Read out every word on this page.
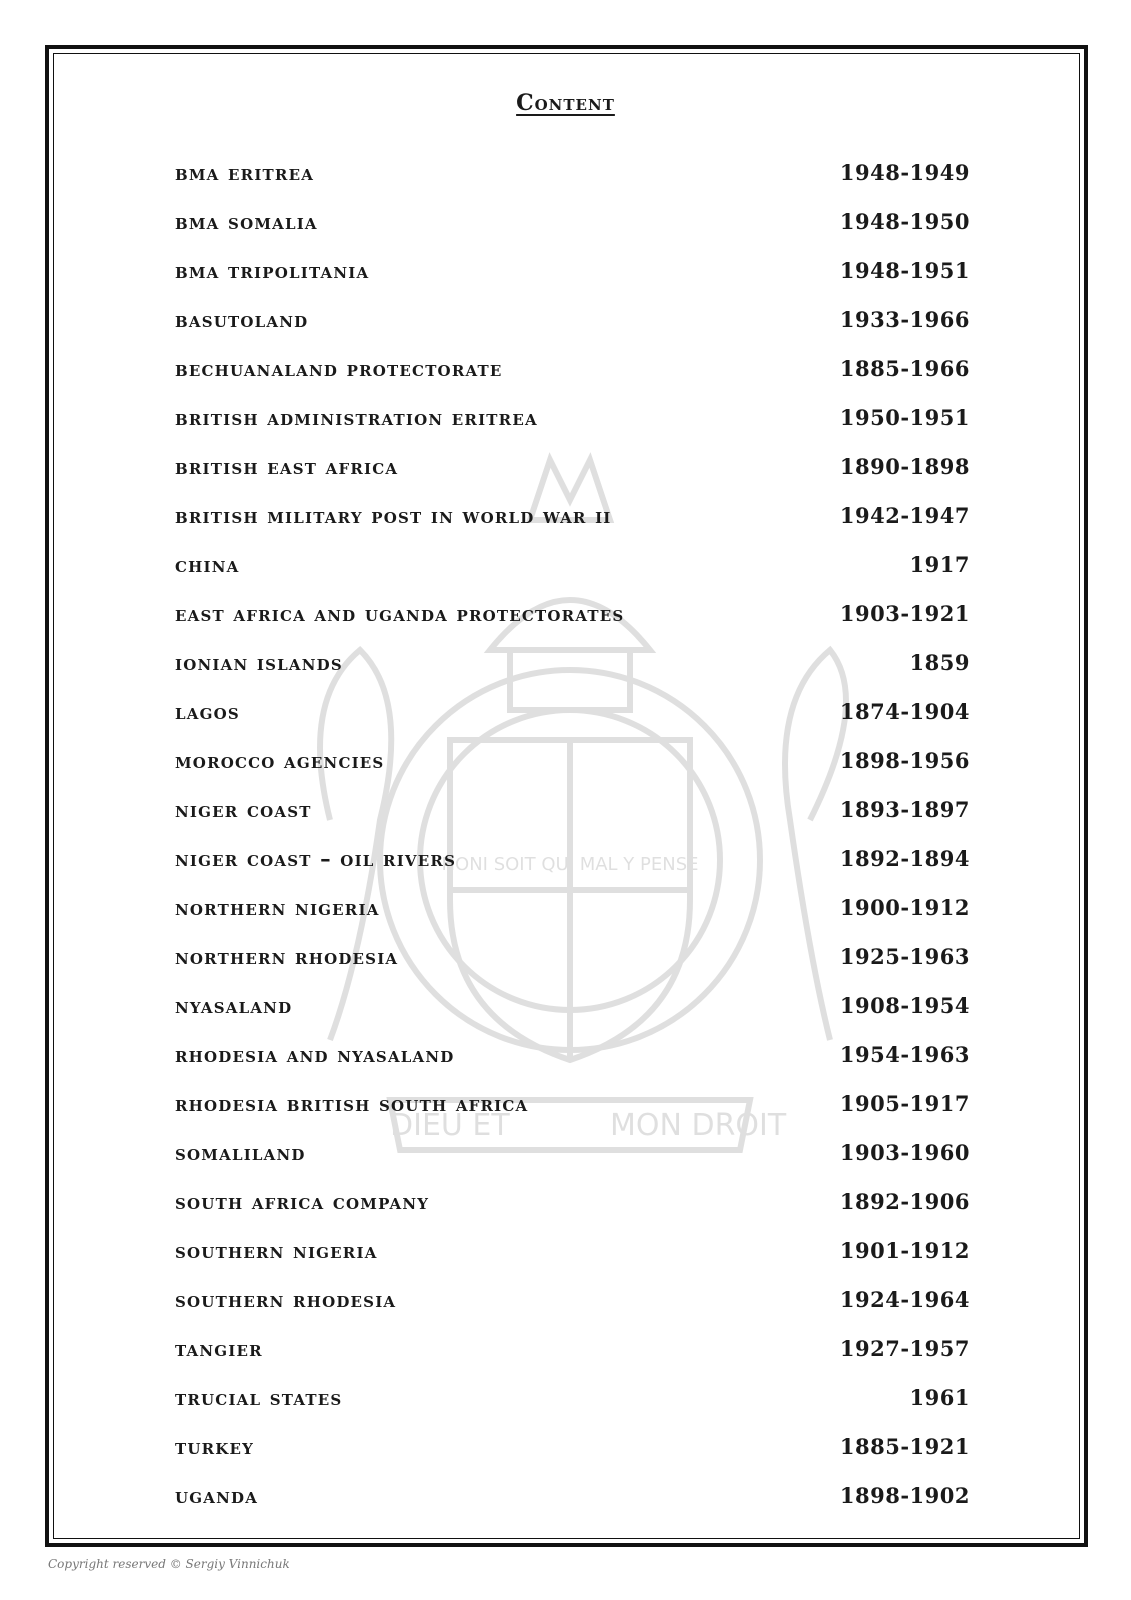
DIEU ET	MON DROIT
HONI SOIT QUI MAL Y PENSE
Content
bma eritrea	1948-1949
bma somalia	1948-1950
bma tripolitania	1948-1951
basutoland	1933-1966
bechuanaland protectorate	1885-1966
british administration eritrea	1950-1951
british east africa	1890-1898
british military post in world war ii	1942-1947
china	1917
east africa and uganda protectorates	1903-1921
ionian islands	1859
lagos	1874-1904
morocco agencies	1898-1956
niger coast	1893-1897
niger coast – oil rivers	1892-1894
northern nigeria	1900-1912
northern rhodesia	1925-1963
nyasaland	1908-1954
rhodesia and nyasaland	1954-1963
rhodesia british south africa	1905-1917
somaliland	1903-1960
south africa company	1892-1906
southern nigeria	1901-1912
southern rhodesia	1924-1964
tangier	1927-1957
trucial states	1961
turkey	1885-1921
uganda	1898-1902
Copyright reserved © Sergiy Vinnichuk
